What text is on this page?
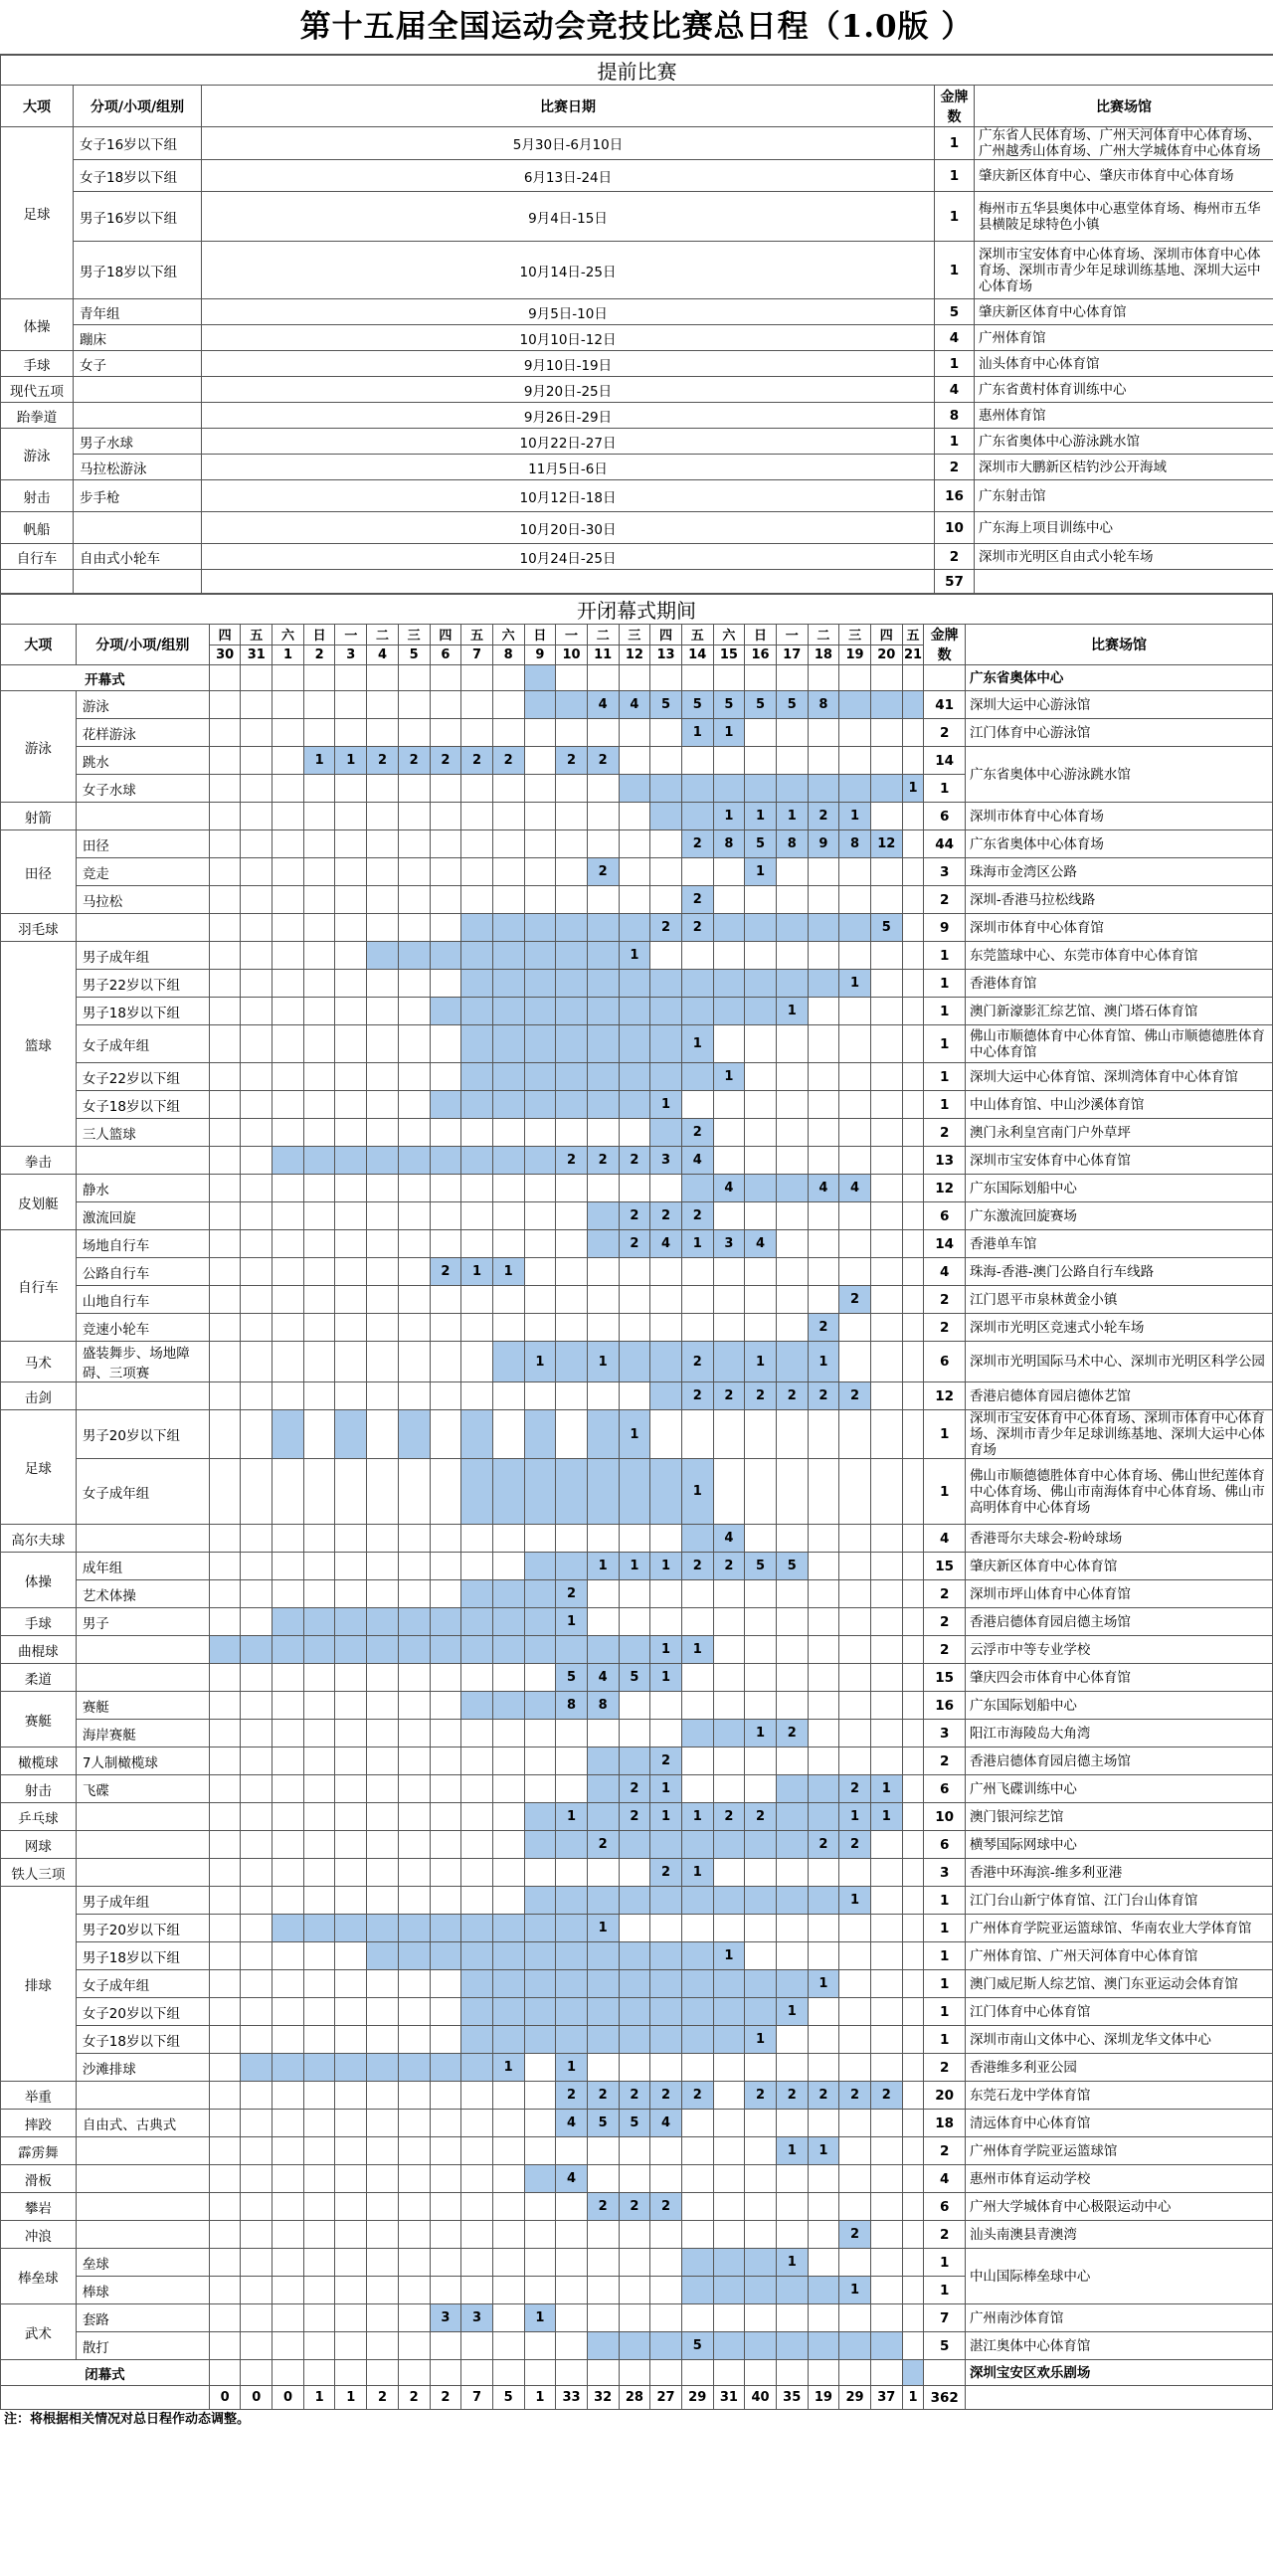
第十五届全国运动会竞技比赛总日程（1.0版 ）
提前比赛				
大项	分项/小项/组别	比赛日期	金牌数	比赛场馆
足球	女子16岁以下组	5月30日-6月10日	1	广东省人民体育场、广州天河体育中心体育场、广州越秀山体育场、广州大学城体育中心体育场
	女子18岁以下组	6月13日-24日	1	肇庆新区体育中心、肇庆市体育中心体育场
	男子16岁以下组	9月4日-15日	1	梅州市五华县奥体中心惠堂体育场、梅州市五华县横陂足球特色小镇
	男子18岁以下组	10月14日-25日	1	深圳市宝安体育中心体育场、深圳市体育中心体育场、深圳市青少年足球训练基地、深圳大运中心体育场
体操	青年组	9月5日-10日	5	肇庆新区体育中心体育馆
	蹦床	10月10日-12日	4	广州体育馆
手球	女子	9月10日-19日	1	汕头体育中心体育馆
现代五项		9月20日-25日	4	广东省黄村体育训练中心
跆拳道		9月26日-29日	8	惠州体育馆
游泳	男子水球	10月22日-27日	1	广东省奥体中心游泳跳水馆
	马拉松游泳	11月5日-6日	2	深圳市大鹏新区桔钓沙公开海域
射击	步手枪	10月12日-18日	16	广东射击馆
帆船		10月20日-30日	10	广东海上项目训练中心
自行车	自由式小轮车	10月24日-25日	2	深圳市光明区自由式小轮车场
			57	
开闭幕式期间																										
大项	分项/小项/组别	四	五	六	日	一	二	三	四	五	六	日	一	二	三	四	五	六	日	一	二	三	四	五	金牌数	比赛场馆
		30	31	1	2	3	4	5	6	7	8	9	10	11	12	13	14	15	16	17	18	19	20	21		
开幕式																										广东省奥体中心
游泳	游泳													4	4	5	5	5	5	5	8				41	深圳大运中心游泳馆
	花样游泳																1	1							2	江门体育中心游泳馆
	跳水				1	1	2	2	2	2	2		2	2											14	广东省奥体中心游泳跳水馆
	女子水球																							1	1	
射箭																		1	1	1	2	1			6	深圳市体育中心体育场
田径	田径																2	8	5	8	9	8	12		44	广东省奥体中心体育场
	竞走													2					1						3	珠海市金湾区公路
	马拉松																2								2	深圳-香港马拉松线路
羽毛球																2	2						5		9	深圳市体育中心体育馆
篮球	男子成年组														1										1	东莞篮球中心、东莞市体育中心体育馆
	男子22岁以下组																					1			1	香港体育馆
	男子18岁以下组																			1					1	澳门新濠影汇综艺馆、澳门塔石体育馆
	女子成年组																1								1	佛山市顺德体育中心体育馆、佛山市顺德德胜体育中心体育馆
	女子22岁以下组																	1							1	深圳大运中心体育馆、深圳湾体育中心体育馆
	女子18岁以下组															1									1	中山体育馆、中山沙溪体育馆
	三人篮球																2								2	澳门永利皇宫南门户外草坪
拳击													2	2	2	3	4								13	深圳市宝安体育中心体育馆
皮划艇	静水																	4			4	4			12	广东国际划船中心
	激流回旋														2	2	2								6	广东激流回旋赛场
自行车	场地自行车														2	4	1	3	4						14	香港单车馆
	公路自行车								2	1	1														4	珠海-香港-澳门公路自行车线路
	山地自行车																					2			2	江门恩平市泉林黄金小镇
	竞速小轮车																				2				2	深圳市光明区竞速式小轮车场
马术	盛装舞步、场地障碍、三项赛											1		1			2		1		1				6	深圳市光明国际马术中心、深圳市光明区科学公园
击剑																	2	2	2	2	2	2			12	香港启德体育园启德体艺馆
足球	男子20岁以下组														1										1	深圳市宝安体育中心体育场、深圳市体育中心体育场、深圳市青少年足球训练基地、深圳大运中心体育场
	女子成年组																1								1	佛山市顺德德胜体育中心体育场、佛山世纪莲体育中心体育场、佛山市南海体育中心体育场、佛山市高明体育中心体育场
高尔夫球																		4							4	香港哥尔夫球会-粉岭球场
体操	成年组													1	1	1	2	2	5	5					15	肇庆新区体育中心体育馆
	艺术体操												2												2	深圳市坪山体育中心体育馆
手球	男子												1												2	香港启德体育园启德主场馆
曲棍球																1	1								2	云浮市中等专业学校
柔道													5	4	5	1									15	肇庆四会市体育中心体育馆
赛艇	赛艇												8	8											16	广东国际划船中心
	海岸赛艇																		1	2					3	阳江市海陵岛大角湾
橄榄球	7人制橄榄球															2									2	香港启德体育园启德主场馆
射击	飞碟														2	1						2	1		6	广州飞碟训练中心
乒乓球													1		2	1	1	2	2			1	1		10	澳门银河综艺馆
网球														2							2	2			6	横琴国际网球中心
铁人三项																2	1								3	香港中环海滨-维多利亚港
排球	男子成年组																					1			1	江门台山新宁体育馆、江门台山体育馆
	男子20岁以下组													1											1	广州体育学院亚运篮球馆、华南农业大学体育馆
	男子18岁以下组																	1							1	广州体育馆、广州天河体育中心体育馆
	女子成年组																				1				1	澳门威尼斯人综艺馆、澳门东亚运动会体育馆
	女子20岁以下组																			1					1	江门体育中心体育馆
	女子18岁以下组																		1						1	深圳市南山文体中心、深圳龙华文体中心
	沙滩排球										1		1												2	香港维多利亚公园
举重													2	2	2	2	2		2	2	2	2	2		20	东莞石龙中学体育馆
摔跤	自由式、古典式												4	5	5	4									18	清远体育中心体育馆
霹雳舞																				1	1				2	广州体育学院亚运篮球馆
滑板													4												4	惠州市体育运动学校
攀岩														2	2	2									6	广州大学城体育中心极限运动中心
冲浪																						2			2	汕头南澳县青澳湾
棒垒球	垒球																			1					1	中山国际棒垒球中心
	棒球																					1			1	
武术	套路								3	3		1													7	广州南沙体育馆
	散打																5								5	湛江奥体中心体育馆
闭幕式																										深圳宝安区欢乐剧场
		0	0	0	1	1	2	2	2	7	5	1	33	32	28	27	29	31	40	35	19	29	37	1	362	
注：将根据相关情况对总日程作动态调整。
